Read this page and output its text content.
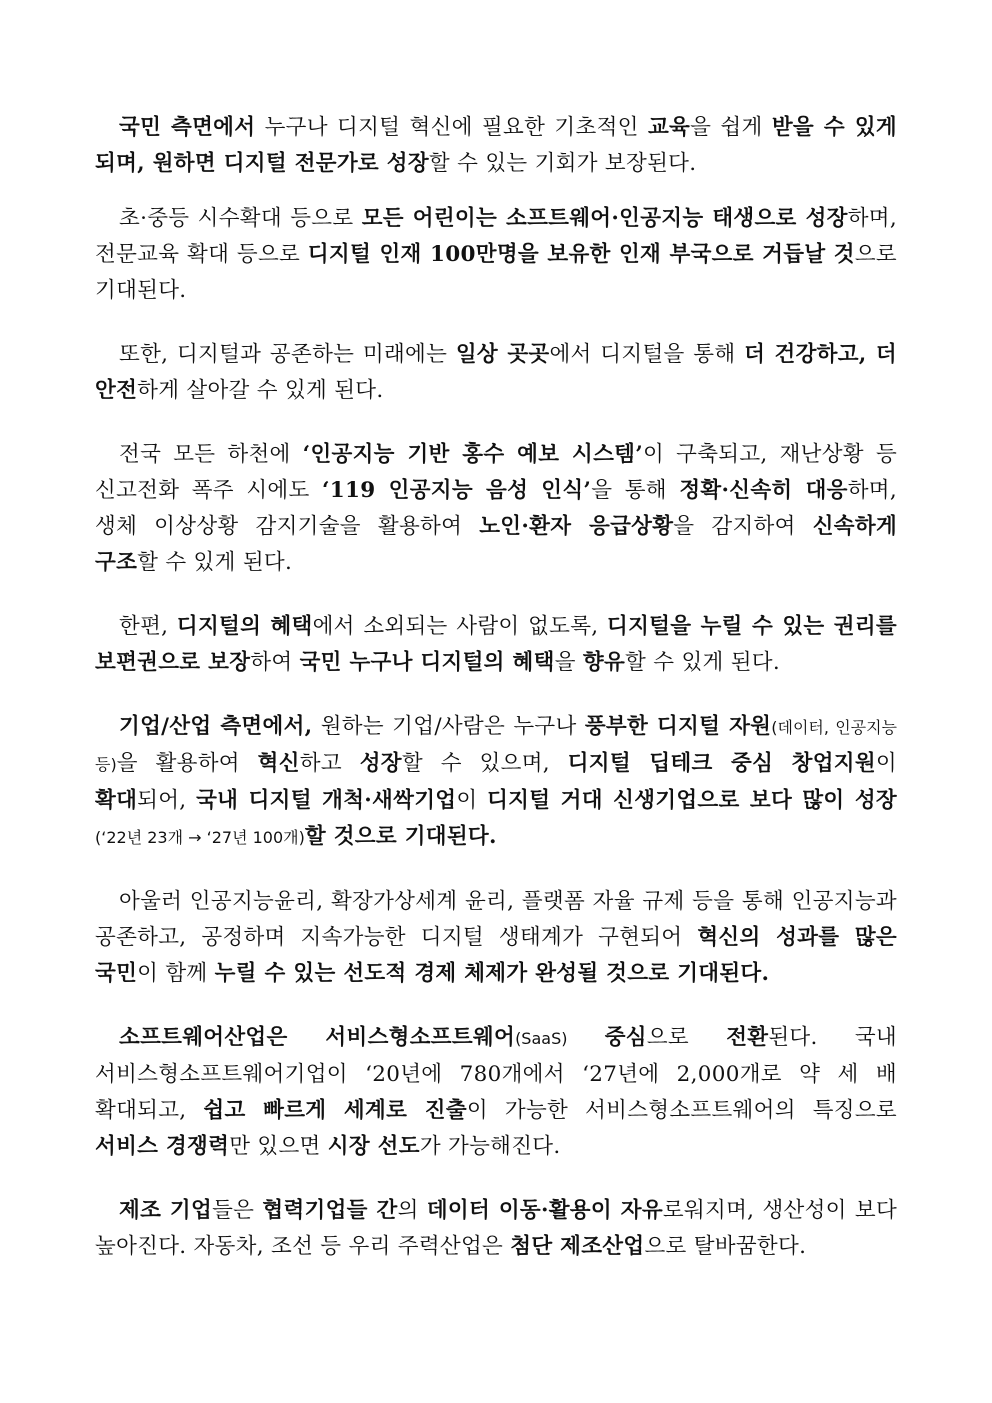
국민 측면에서 누구나 디지털 혁신에 필요한 기초적인 교육을 쉽게 받을 수 있게 되며, 원하면 디지털 전문가로 성장할 수 있는 기회가 보장된다.

초·중등 시수확대 등으로 모든 어린이는 소프트웨어·인공지능 태생으로 성장하며, 전문교육 확대 등으로 디지털 인재 100만명을 보유한 인재 부국으로 거듭날 것으로 기대된다.

또한, 디지털과 공존하는 미래에는 일상 곳곳에서 디지털을 통해 더 건강하고, 더 안전하게 살아갈 수 있게 된다.

전국 모든 하천에 ‘인공지능 기반 홍수 예보 시스템’이 구축되고, 재난상황 등 신고전화 폭주 시에도 ‘119 인공지능 음성 인식’을 통해 정확·신속히 대응하며, 생체 이상상황 감지기술을 활용하여 노인·환자 응급상황을 감지하여 신속하게 구조할 수 있게 된다.

한편, 디지털의 혜택에서 소외되는 사람이 없도록, 디지털을 누릴 수 있는 권리를 보편권으로 보장하여 국민 누구나 디지털의 혜택을 향유할 수 있게 된다.

기업/산업 측면에서, 원하는 기업/사람은 누구나 풍부한 디지털 자원(데이터, 인공지능 등)을 활용하여 혁신하고 성장할 수 있으며, 디지털 딥테크 중심 창업지원이 확대되어, 국내 디지털 개척·새싹기업이 디지털 거대 신생기업으로 보다 많이 성장(‘22년 23개 → ‘27년 100개)할 것으로 기대된다.

아울러 인공지능윤리, 확장가상세계 윤리, 플랫폼 자율 규제 등을 통해 인공지능과 공존하고, 공정하며 지속가능한 디지털 생태계가 구현되어 혁신의 성과를 많은 국민이 함께 누릴 수 있는 선도적 경제 체제가 완성될 것으로 기대된다.

소프트웨어산업은 서비스형소프트웨어(SaaS) 중심으로 전환된다. 국내 서비스형소프트웨어기업이 ‘20년에 780개에서 ‘27년에 2,000개로 약 세 배 확대되고, 쉽고 빠르게 세계로 진출이 가능한 서비스형소프트웨어의 특징으로 서비스 경쟁력만 있으면 시장 선도가 가능해진다.

제조 기업들은 협력기업들 간의 데이터 이동·활용이 자유로워지며, 생산성이 보다 높아진다. 자동차, 조선 등 우리 주력산업은 첨단 제조산업으로 탈바꿈한다.
